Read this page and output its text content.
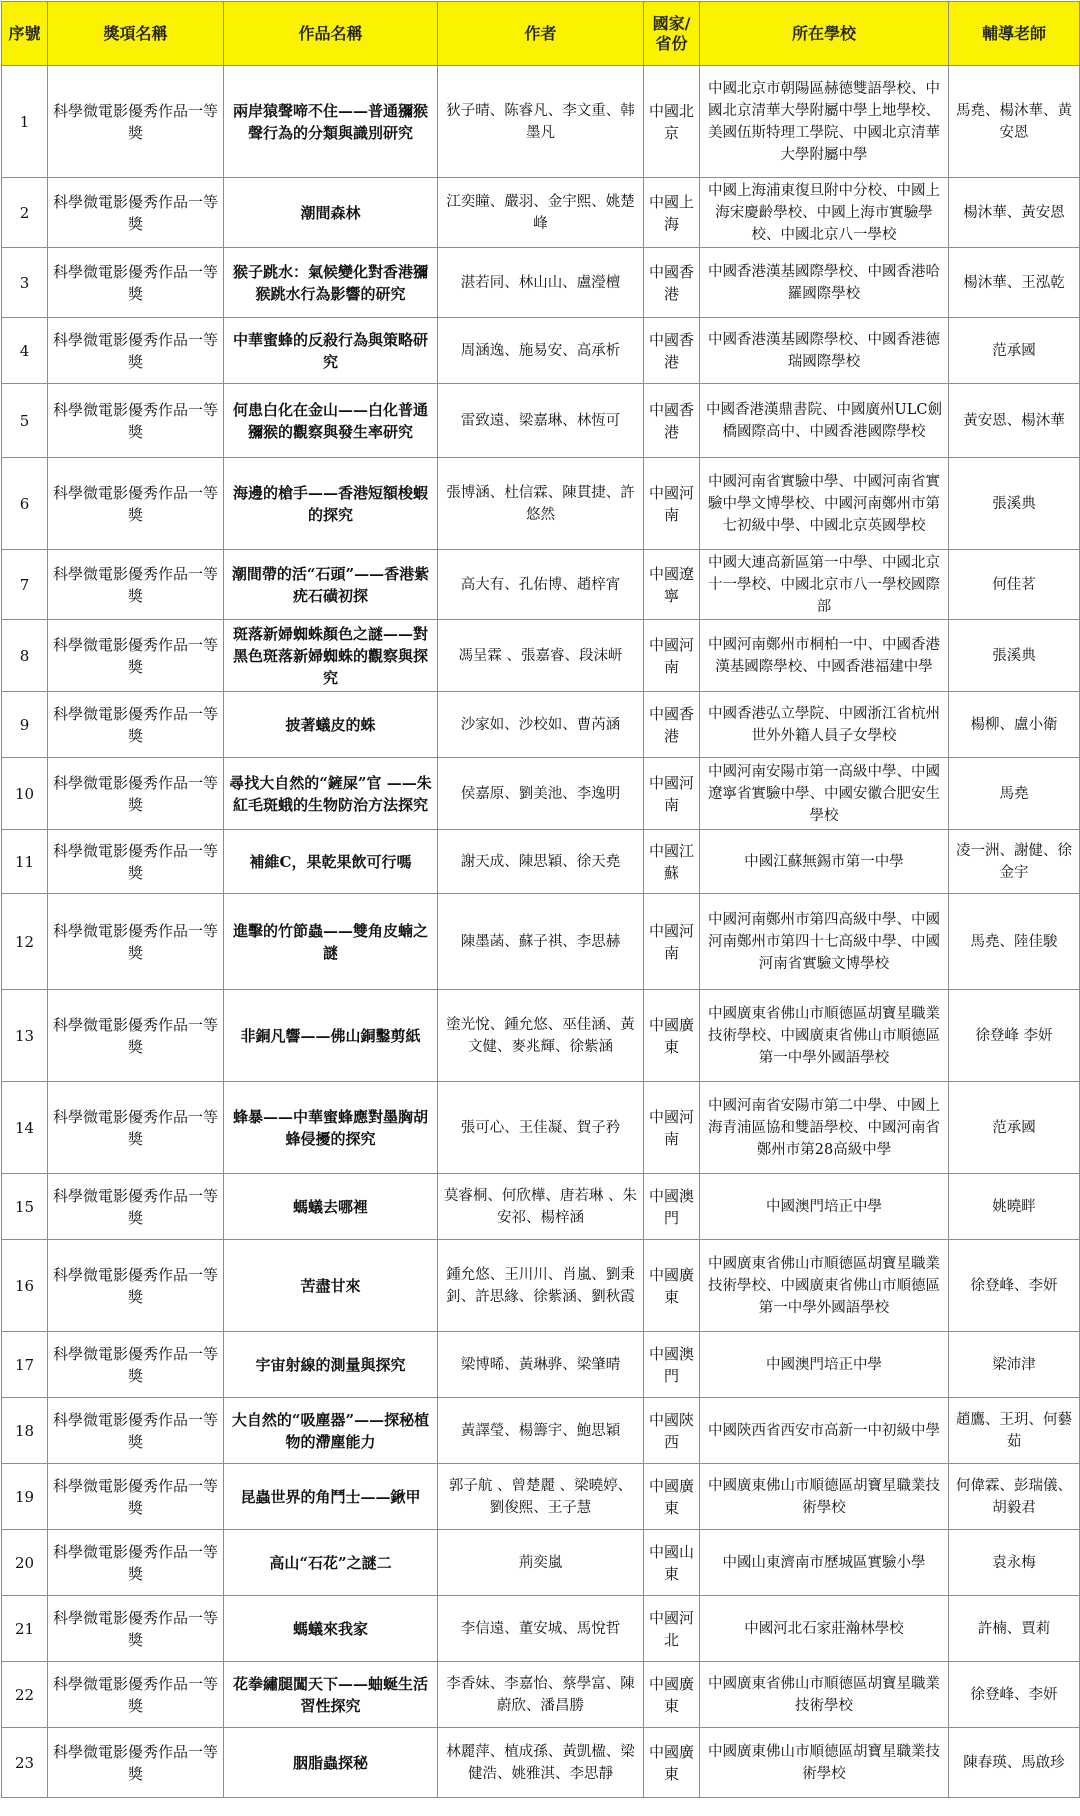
序號	獎項名稱	作品名稱	作者	國家/省份	所在學校	輔導老師
1	科學微電影優秀作品一等獎	兩岸猿聲啼不住——普通獼猴聲行為的分類與識別研究	狄子晴、陈睿凡、李文重、韩墨凡	中國北京	中國北京市朝陽區赫德雙語學校、中國北京清華大學附屬中學上地學校、美國伍斯特理工學院、中國北京清華大學附屬中學	馬堯、楊沐華、黄安恩
2	科學微電影優秀作品一等獎	潮間森林	江奕瞳、嚴羽、金宇熙、姚楚峰	中國上海	中國上海浦東復旦附中分校、中國上海宋慶齡學校、中國上海市實驗學校、中國北京八一學校	楊沐華、黃安恩
3	科學微電影優秀作品一等獎	猴子跳水：氣候變化對香港獼猴跳水行為影響的研究	湛若同、林山山、盧瀅檀	中國香港	中國香港漢基國際學校、中國香港哈羅國際學校	楊沐華、王泓乾
4	科學微電影優秀作品一等獎	中華蜜蜂的反殺行為與策略研究	周涵逸、施易安、高承析	中國香港	中國香港漢基國際學校、中國香港德瑞國際學校	范承國
5	科學微電影優秀作品一等獎	何患白化在金山——白化普通獼猴的觀察與發生率研究	雷致遠、梁嘉琳、林恆可	中國香港	中國香港漢鼎書院、中國廣州ULC劍橋國際高中、中國香港國際學校	黃安恩、楊沐華
6	科學微電影優秀作品一等獎	海邊的槍手——香港短額梭蝦的探究	張博涵、杜信霖、陳貫捷、許悠然	中國河南	中國河南省實驗中學、中國河南省實驗中學文博學校、中國河南鄭州市第七初級中學、中國北京英國學校	張溪典
7	科學微電影優秀作品一等獎	潮間帶的活“石頭”——香港紫疣石磺初探	高大有、孔佑博、趙梓宵	中國遼寧	中國大連高新區第一中學、中國北京十一學校、中國北京市八一學校國際部	何佳茗
8	科學微電影優秀作品一等獎	斑落新婦蜘蛛顏色之謎——對黑色斑落新婦蜘蛛的觀察與探究	馮呈霖 、張嘉睿、段沫岍	中國河南	中國河南鄭州市桐柏一中、中國香港漢基國際學校、中國香港福建中學	張溪典
9	科學微電影優秀作品一等獎	披著蟻皮的蛛	沙家如、沙校如、曹芮涵	中國香港	中國香港弘立學院、中國浙江省杭州世外外籍人員子女學校	楊柳、盧小衛
10	科學微電影優秀作品一等獎	尋找大自然的“鏟屎”官 ——朱紅毛斑蛾的生物防治方法探究	侯嘉原、劉美池、李逸明	中國河南	中國河南安陽市第一高級中學、中國遼寧省實驗中學、中國安徽合肥安生學校	馬堯
11	科學微電影優秀作品一等獎	補維C，果乾果飲可行嗎	謝天成、陳思穎、徐天堯	中國江蘇	中國江蘇無錫市第一中學	凌一洲、謝健、徐金宇
12	科學微電影優秀作品一等獎	進擊的竹節蟲——雙角皮蝻之謎	陳墨菡、蘇子祺、李思赫	中國河南	中國河南鄭州市第四高級中學、中國河南鄭州市第四十七高級中學、中國河南省實驗文博學校	馬堯、陸佳駿
13	科學微電影優秀作品一等獎	非銅凡響——佛山銅鑿剪紙	塗光悅、鍾允悠、巫佳涵、黃文健、麥兆輝、徐紫涵	中國廣東	中國廣東省佛山市順德區胡寶星職業技術學校、中國廣東省佛山市順德區第一中學外國語學校	徐登峰 李妍
14	科學微電影優秀作品一等獎	蜂暴——中華蜜蜂應對墨胸胡蜂侵擾的探究	張可心、王佳凝、賀子矜	中國河南	中國河南省安陽市第二中學、中國上海青浦區協和雙語學校、中國河南省鄭州市第28高級中學	范承國
15	科學微電影優秀作品一等獎	螞蟻去哪裡	莫睿桐、何欣樺、唐若琳 、朱安祁、楊梓涵	中國澳門	中國澳門培正中學	姚曉畔
16	科學微電影優秀作品一等獎	苦盡甘來	鍾允悠、王川川、肖嵐、劉秉釗、許思緣、徐紫涵、劉秋霞	中國廣東	中國廣東省佛山市順德區胡寶星職業技術學校、中國廣東省佛山市順德區第一中學外國語學校	徐登峰、李妍
17	科學微電影優秀作品一等獎	宇宙射線的測量與探究	梁博晞、黃琳骅、梁肇晴	中國澳門	中國澳門培正中學	梁沛津
18	科學微電影優秀作品一等獎	大自然的“吸塵器”——探秘植物的滯塵能力	黃譯瑩、楊籌宇、鮑思穎	中國陝西	中國陝西省西安市高新一中初級中學	趙鷹、王玥、何藝茹
19	科學微電影優秀作品一等獎	昆蟲世界的角鬥士——鍬甲	郭子航 、曾楚麗 、梁曉婷、劉俊熙、王子慧	中國廣東	中國廣東佛山市順德區胡寶星職業技術學校	何偉霖、彭瑞儀、胡毅君
20	科學微電影優秀作品一等獎	高山“石花”之謎二	荊奕嵐	中國山東	中國山東濟南市歷城區實驗小學	袁永梅
21	科學微電影優秀作品一等獎	螞蟻來我家	李信遠、董安城、馬悅哲	中國河北	中國河北石家莊瀚林學校	許楠、賈莉
22	科學微電影優秀作品一等獎	花拳繡腿闖天下——蚰蜒生活習性探究	李香妹、李嘉怡、蔡學富、陳蔚欣、潘昌勝	中國廣東	中國廣東省佛山市順德區胡寶星職業技術學校	徐登峰、李妍
23	科學微電影優秀作品一等獎	胭脂蟲探秘	林麗萍、植成孫、黃凱楹、梁健浩、姚雅淇、李思靜	中國廣東	中國廣東佛山市順德區胡寶星職業技術學校	陳春瑛、馬啟珍
